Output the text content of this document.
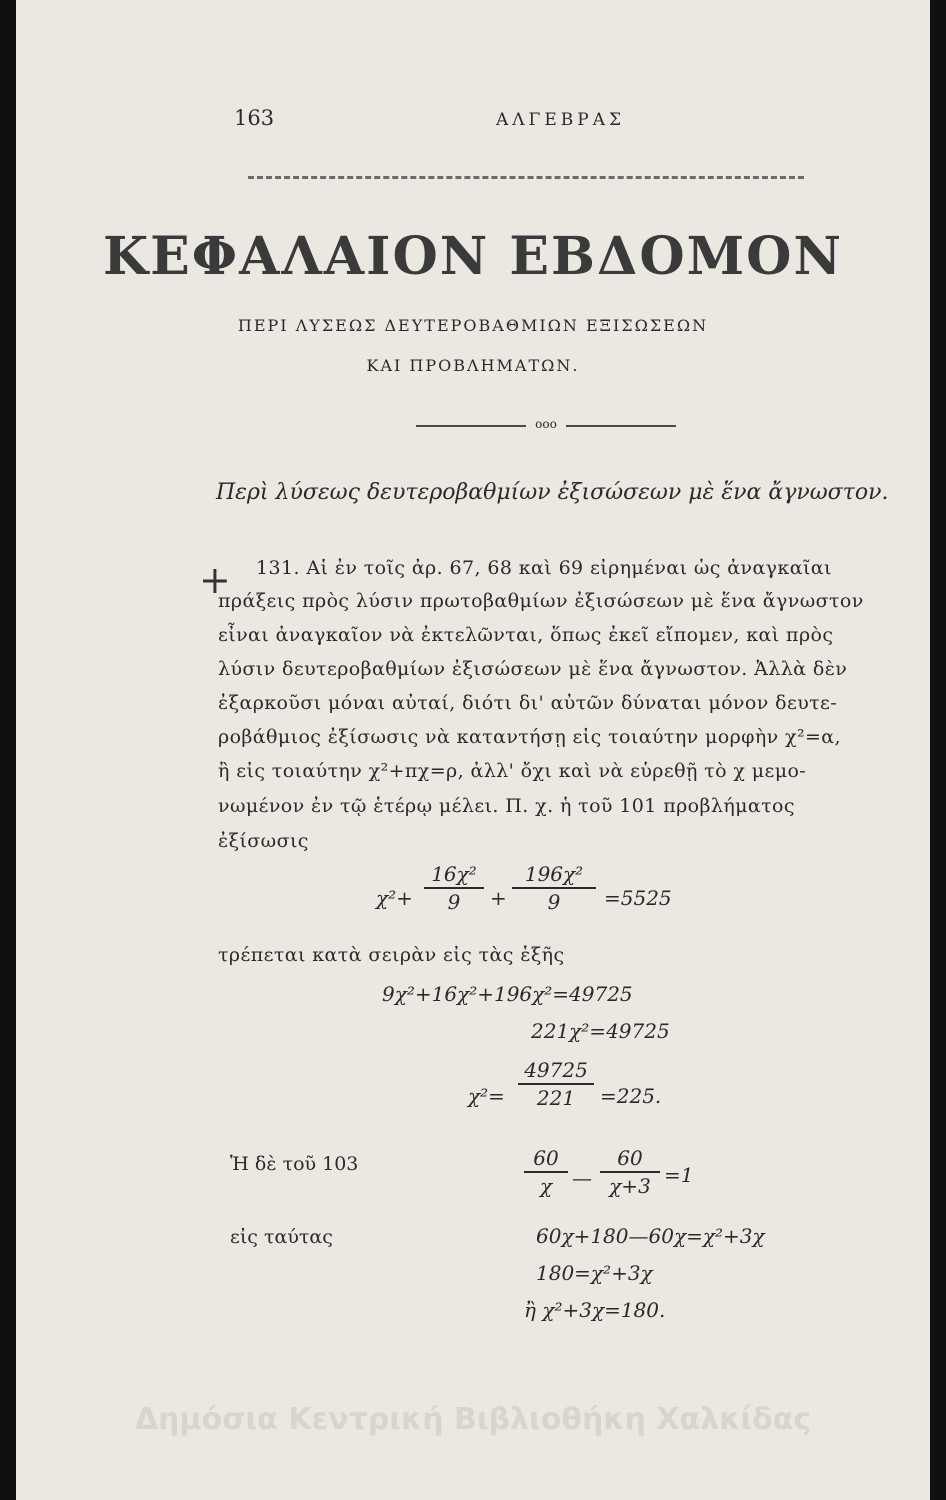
163	ΑΛΓΕΒΡΑΣ
ΚΕΦΑΛΑΙΟΝ ΕΒΔΟΜΟΝ
ΠΕΡΙ ΛΥΣΕΩΣ ΔΕΥΤΕΡΟΒΑΘΜΙΩΝ ΕΞΙΣΩΣΕΩΝ
ΚΑΙ ΠΡΟΒΛΗΜΑΤΩΝ.
ooo
Περὶ λύσεως δευτεροβαθμίων ἐξισώσεων μὲ ἕνα ἄγνωστον.
+ 131. Αἱ ἐν τοῖς ἀρ. 67, 68 καὶ 69 εἰρημέναι ὡς ἀναγκαῖαι
πράξεις πρὸς λύσιν πρωτοβαθμίων ἐξισώσεων μὲ ἕνα ἄγνωστον
εἶναι ἀναγκαῖον νὰ ἐκτελῶνται, ὅπως ἐκεῖ εἴπομεν, καὶ πρὸς
λύσιν δευτεροβαθμίων ἐξισώσεων μὲ ἕνα ἄγνωστον. Ἀλλὰ δὲν
ἐξαρκοῦσι μόναι αὐταί, διότι δι' αὐτῶν δύναται μόνον δευτε-
ροβάθμιος ἐξίσωσις νὰ καταντήσῃ εἰς τοιαύτην μορφὴν χ²=α,
ἢ εἰς τοιαύτην χ²+πχ=ρ, ἀλλ' ὄχι καὶ νὰ εὑρεθῇ τὸ χ μεμο-
νωμένον ἐν τῷ ἑτέρῳ μέλει. Π. χ. ἡ τοῦ 101 προβλήματος
ἐξίσωσις
χ²+
16χ²
9	+
196χ²
9	=5525
τρέπεται κατὰ σειρὰν εἰς τὰς ἑξῆς
9χ²+16χ²+196χ²=49725
221χ²=49725
χ²=
49725
221	=225.
Ἡ δὲ τοῦ 103	60
χ —
60
χ+3 =1
εἰς ταύτας	60χ+180—60χ=χ²+3χ
180=χ²+3χ
ἢ χ²+3χ=180.
Δημόσια Κεντρική Βιβλιοθήκη Χαλκίδας
